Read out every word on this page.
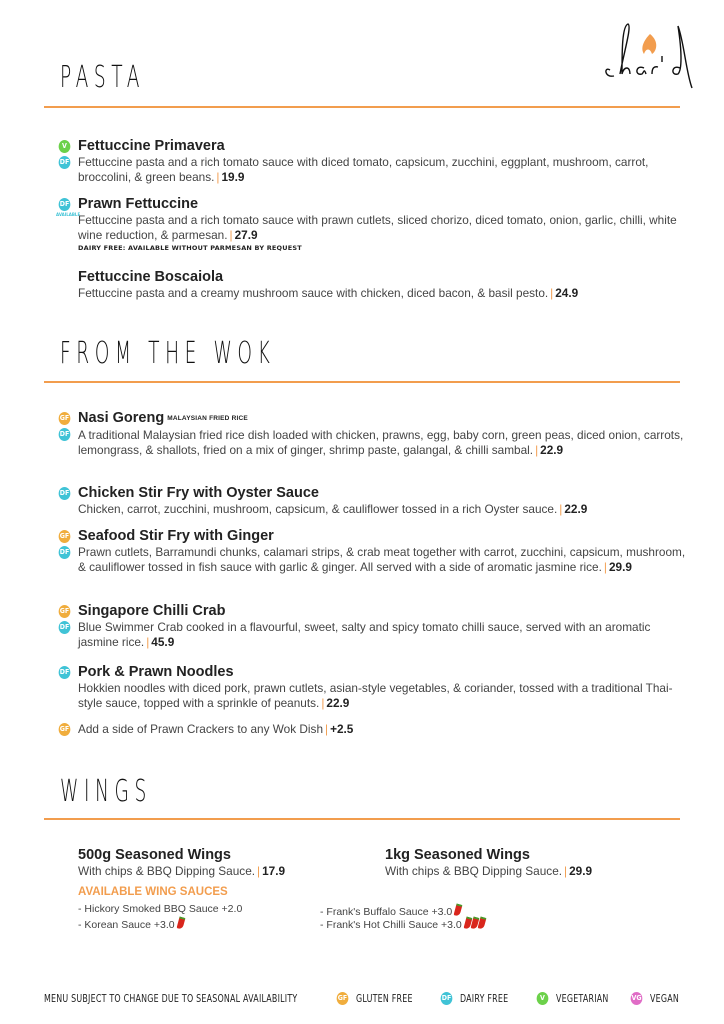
PASTA
V
DF
Fettuccine Primavera
Fettuccine pasta and a rich tomato sauce with diced tomato, capsicum, zucchini, eggplant, mushroom, carrot, broccolini, & green beans. | 19.9
DF
AVAILABLE
Prawn Fettuccine
Fettuccine pasta and a rich tomato sauce with prawn cutlets, sliced chorizo, diced tomato, onion, garlic, chilli, white wine reduction, & parmesan. | 27.9
DAIRY FREE: AVAILABLE WITHOUT PARMESAN BY REQUEST
Fettuccine Boscaiola
Fettuccine pasta and a creamy mushroom sauce with chicken, diced bacon, & basil pesto. | 24.9
FROM THE WOK
GF
DF
Nasi Goreng $^{MALAYSIAN FRIED RICE}$
A traditional Malaysian fried rice dish loaded with chicken, prawns, egg, baby corn, green peas, diced onion, carrots, lemongrass, & shallots, fried on a mix of ginger, shrimp paste, galangal, & chilli sambal. | 22.9
DF Chicken Stir Fry with Oyster Sauce
Chicken, carrot, zucchini, mushroom, capsicum, & cauliflower tossed in a rich Oyster sauce. | 22.9
GF
DF
Seafood Stir Fry with Ginger
Prawn cutlets, Barramundi chunks, calamari strips, & crab meat together with carrot, zucchini, capsicum, mushroom, & cauliflower tossed in fish sauce with garlic & ginger. All served with a side of aromatic jasmine rice. | 29.9
GF
DF
Singapore Chilli Crab
Blue Swimmer Crab cooked in a flavourful, sweet, salty and spicy tomato chilli sauce, served with an aromatic jasmine rice. | 45.9
DF Pork & Prawn Noodles
Hokkien noodles with diced pork, prawn cutlets, asian-style vegetables, & coriander, tossed with a traditional Thai-style sauce, topped with a sprinkle of peanuts. | 22.9
GF Add a side of Prawn Crackers to any Wok Dish | +2.5
WINGS
500g Seasoned Wings
With chips & BBQ Dipping Sauce. | 17.9
1kg Seasoned Wings
With chips & BBQ Dipping Sauce. | 29.9
AVAILABLE WING SAUCES
- Hickory Smoked BBQ Sauce +2.0
- Korean Sauce +3.0
- Frank's Buffalo Sauce +3.0
- Frank's Hot Chilli Sauce +3.0
MENU SUBJECT TO CHANGE DUE TO SEASONAL AVAILABILITY	GF GLUTEN FREE	DF DAIRY FREE	V	VEGETARIAN	VG VEGAN
